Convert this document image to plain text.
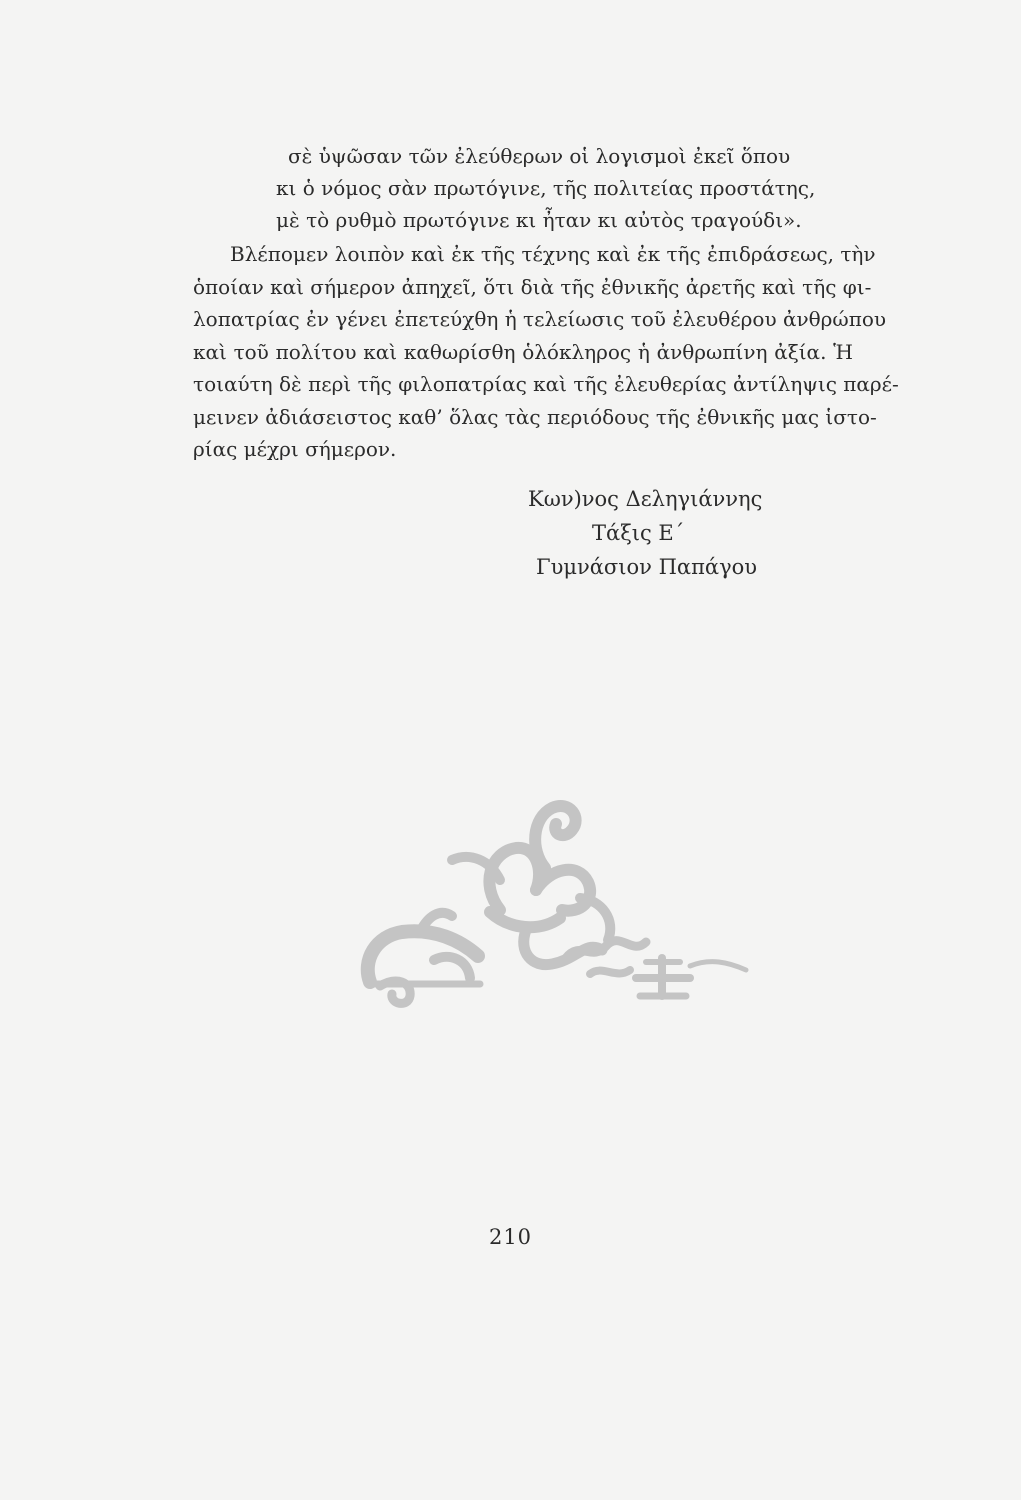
σὲ ὑψῶσαν τῶν ἐλεύθερων οἱ λογισμοὶ ἐκεῖ ὅπου
κι ὁ νόμος σὰν πρωτόγινε, τῆς πολιτείας προστάτης,
μὲ τὸ ρυθμὸ πρωτόγινε κι ἦταν κι αὐτὸς τραγούδι».
Βλέπομεν λοιπὸν καὶ ἐκ τῆς τέχνης καὶ ἐκ τῆς ἐπιδράσεως, τὴν
ὁποίαν καὶ σήμερον ἀπηχεῖ, ὅτι διὰ τῆς ἐθνικῆς ἀρετῆς καὶ τῆς φι-
λοπατρίας ἐν γένει ἐπετεύχθη ἡ τελείωσις τοῦ ἐλευθέρου ἀνθρώπου
καὶ τοῦ πολίτου καὶ καθωρίσθη ὁλόκληρος ἡ ἀνθρωπίνη ἀξία. Ἡ
τοιαύτη δὲ περὶ τῆς φιλοπατρίας καὶ τῆς ἐλευθερίας ἀντίληψις παρέ-
μεινεν ἀδιάσειστος καθ’ ὅλας τὰς περιόδους τῆς ἐθνικῆς μας ἱστο-
ρίας μέχρι σήμερον.
Κων)νος Δεληγιάννης
Τάξις Ε΄
Γυμνάσιον Παπάγου
210
